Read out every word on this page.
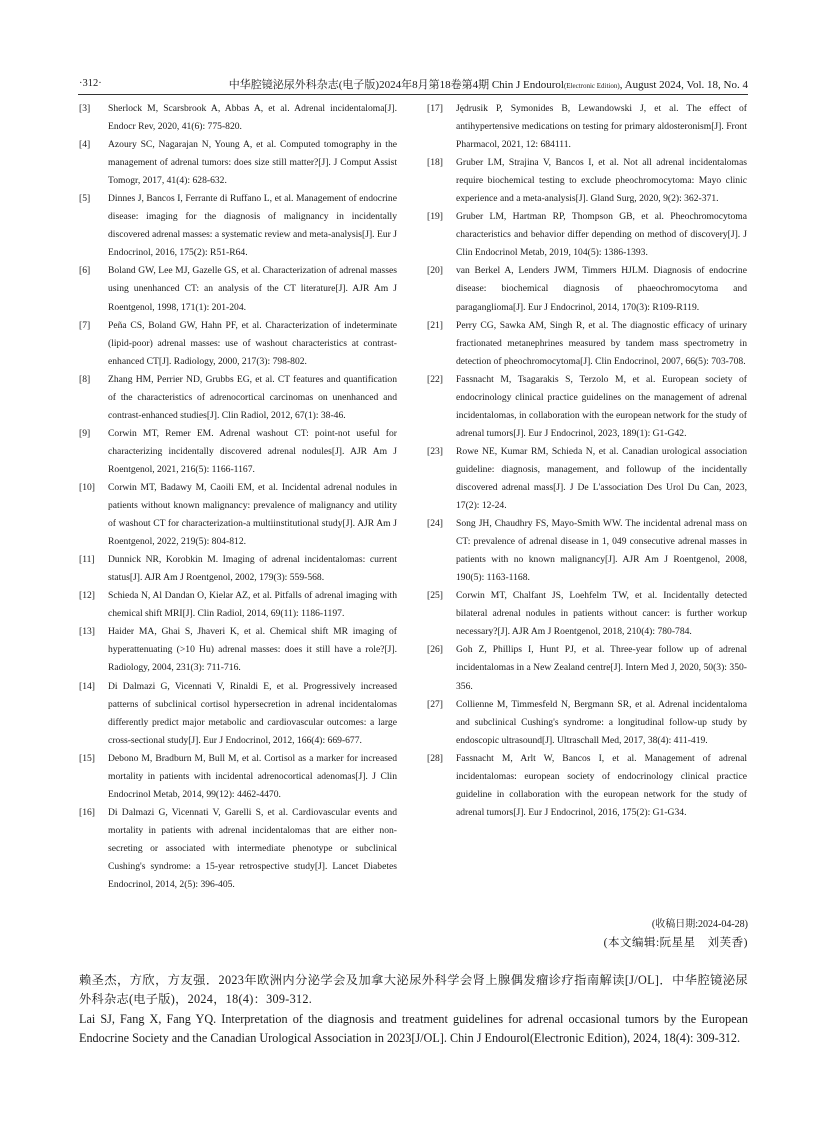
·312·	中华腔镜泌尿外科杂志(电子版)2024年8月第18卷第4期 Chin J Endourol(Electronic Edition), August 2024, Vol. 18, No. 4
[3] Sherlock M, Scarsbrook A, Abbas A, et al. Adrenal incidentaloma[J]. Endocr Rev, 2020, 41(6): 775-820.
[4] Azoury SC, Nagarajan N, Young A, et al. Computed tomography in the management of adrenal tumors: does size still matter?[J]. J Comput Assist Tomogr, 2017, 41(4): 628-632.
[5] Dinnes J, Bancos I, Ferrante di Ruffano L, et al. Management of endocrine disease: imaging for the diagnosis of malignancy in incidentally discovered adrenal masses: a systematic review and meta-analysis[J]. Eur J Endocrinol, 2016, 175(2): R51-R64.
[6] Boland GW, Lee MJ, Gazelle GS, et al. Characterization of adrenal masses using unenhanced CT: an analysis of the CT literature[J]. AJR Am J Roentgenol, 1998, 171(1): 201-204.
[7] Peña CS, Boland GW, Hahn PF, et al. Characterization of indeterminate (lipid-poor) adrenal masses: use of washout characteristics at contrast-enhanced CT[J]. Radiology, 2000, 217(3): 798-802.
[8] Zhang HM, Perrier ND, Grubbs EG, et al. CT features and quantification of the characteristics of adrenocortical carcinomas on unenhanced and contrast-enhanced studies[J]. Clin Radiol, 2012, 67(1): 38-46.
[9] Corwin MT, Remer EM. Adrenal washout CT: point-not useful for characterizing incidentally discovered adrenal nodules[J]. AJR Am J Roentgenol, 2021, 216(5): 1166-1167.
[10] Corwin MT, Badawy M, Caoili EM, et al. Incidental adrenal nodules in patients without known malignancy: prevalence of malignancy and utility of washout CT for characterization-a multiinstitutional study[J]. AJR Am J Roentgenol, 2022, 219(5): 804-812.
[11] Dunnick NR, Korobkin M. Imaging of adrenal incidentalomas: current status[J]. AJR Am J Roentgenol, 2002, 179(3): 559-568.
[12] Schieda N, Al Dandan O, Kielar AZ, et al. Pitfalls of adrenal imaging with chemical shift MRI[J]. Clin Radiol, 2014, 69(11): 1186-1197.
[13] Haider MA, Ghai S, Jhaveri K, et al. Chemical shift MR imaging of hyperattenuating (>10 Hu) adrenal masses: does it still have a role?[J]. Radiology, 2004, 231(3): 711-716.
[14] Di Dalmazi G, Vicennati V, Rinaldi E, et al. Progressively increased patterns of subclinical cortisol hypersecretion in adrenal incidentalomas differently predict major metabolic and cardiovascular outcomes: a large cross-sectional study[J]. Eur J Endocrinol, 2012, 166(4): 669-677.
[15] Debono M, Bradburn M, Bull M, et al. Cortisol as a marker for increased mortality in patients with incidental adrenocortical adenomas[J]. J Clin Endocrinol Metab, 2014, 99(12): 4462-4470.
[16] Di Dalmazi G, Vicennati V, Garelli S, et al. Cardiovascular events and mortality in patients with adrenal incidentalomas that are either non-secreting or associated with intermediate phenotype or subclinical Cushing's syndrome: a 15-year retrospective study[J]. Lancet Diabetes Endocrinol, 2014, 2(5): 396-405.
[17] Jędrusik P, Symonides B, Lewandowski J, et al. The effect of antihypertensive medications on testing for primary aldosteronism[J]. Front Pharmacol, 2021, 12: 684111.
[18] Gruber LM, Strajina V, Bancos I, et al. Not all adrenal incidentalomas require biochemical testing to exclude pheochromocytoma: Mayo clinic experience and a meta-analysis[J]. Gland Surg, 2020, 9(2): 362-371.
[19] Gruber LM, Hartman RP, Thompson GB, et al. Pheochromocytoma characteristics and behavior differ depending on method of discovery[J]. J Clin Endocrinol Metab, 2019, 104(5): 1386-1393.
[20] van Berkel A, Lenders JWM, Timmers HJLM. Diagnosis of endocrine disease: biochemical diagnosis of phaeochromocytoma and paraganglioma[J]. Eur J Endocrinol, 2014, 170(3): R109-R119.
[21] Perry CG, Sawka AM, Singh R, et al. The diagnostic efficacy of urinary fractionated metanephrines measured by tandem mass spectrometry in detection of pheochromocytoma[J]. Clin Endocrinol, 2007, 66(5): 703-708.
[22] Fassnacht M, Tsagarakis S, Terzolo M, et al. European society of endocrinology clinical practice guidelines on the management of adrenal incidentalomas, in collaboration with the european network for the study of adrenal tumors[J]. Eur J Endocrinol, 2023, 189(1): G1-G42.
[23] Rowe NE, Kumar RM, Schieda N, et al. Canadian urological association guideline: diagnosis, management, and followup of the incidentally discovered adrenal mass[J]. J De L'association Des Urol Du Can, 2023, 17(2): 12-24.
[24] Song JH, Chaudhry FS, Mayo-Smith WW. The incidental adrenal mass on CT: prevalence of adrenal disease in 1, 049 consecutive adrenal masses in patients with no known malignancy[J]. AJR Am J Roentgenol, 2008, 190(5): 1163-1168.
[25] Corwin MT, Chalfant JS, Loehfelm TW, et al. Incidentally detected bilateral adrenal nodules in patients without cancer: is further workup necessary?[J]. AJR Am J Roentgenol, 2018, 210(4): 780-784.
[26] Goh Z, Phillips I, Hunt PJ, et al. Three-year follow up of adrenal incidentalomas in a New Zealand centre[J]. Intern Med J, 2020, 50(3): 350-356.
[27] Collienne M, Timmesfeld N, Bergmann SR, et al. Adrenal incidentaloma and subclinical Cushing's syndrome: a longitudinal follow-up study by endoscopic ultrasound[J]. Ultraschall Med, 2017, 38(4): 411-419.
[28] Fassnacht M, Arlt W, Bancos I, et al. Management of adrenal incidentalomas: european society of endocrinology clinical practice guideline in collaboration with the european network for the study of adrenal tumors[J]. Eur J Endocrinol, 2016, 175(2): G1-G34.
(收稿日期:2024-04-28)
(本文编辑:阮星星　刘芙香)
赖圣杰，方欣，方友强．2023年欧洲内分泌学会及加拿大泌尿外科学会肾上腺偶发瘤诊疗指南解读[J/OL]．中华腔镜泌尿外科杂志(电子版)，2024，18(4)：309-312.
Lai SJ, Fang X, Fang YQ. Interpretation of the diagnosis and treatment guidelines for adrenal occasional tumors by the European Endocrine Society and the Canadian Urological Association in 2023[J/OL]. Chin J Endourol(Electronic Edition), 2024, 18(4): 309-312.
